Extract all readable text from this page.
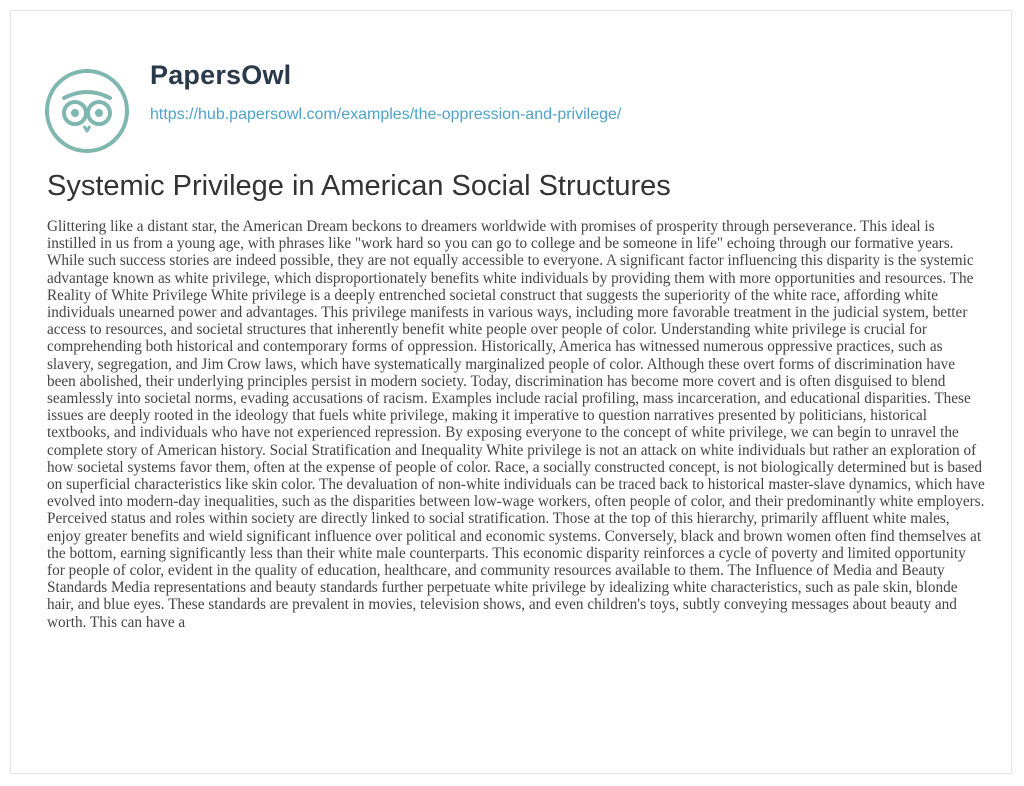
PapersOwl
https://hub.papersowl.com/examples/the-oppression-and-privilege/
Systemic Privilege in American Social Structures

Glittering like a distant star, the American Dream beckons to dreamers worldwide with promises of prosperity through perseverance. This ideal is instilled in us from a young age, with phrases like "work hard so you can go to college and be someone in life" echoing through our formative years. While such success stories are indeed possible, they are not equally accessible to everyone. A significant factor influencing this disparity is the systemic advantage known as white privilege, which disproportionately benefits white individuals by providing them with more opportunities and resources. The Reality of White Privilege White privilege is a deeply entrenched societal construct that suggests the superiority of the white race, affording white individuals unearned power and advantages. This privilege manifests in various ways, including more favorable treatment in the judicial system, better access to resources, and societal structures that inherently benefit white people over people of color. Understanding white privilege is crucial for comprehending both historical and contemporary forms of oppression. Historically, America has witnessed numerous oppressive practices, such as slavery, segregation, and Jim Crow laws, which have systematically marginalized people of color. Although these overt forms of discrimination have been abolished, their underlying principles persist in modern society. Today, discrimination has become more covert and is often disguised to blend seamlessly into societal norms, evading accusations of racism. Examples include racial profiling, mass incarceration, and educational disparities. These issues are deeply rooted in the ideology that fuels white privilege, making it imperative to question narratives presented by politicians, historical textbooks, and individuals who have not experienced repression. By exposing everyone to the concept of white privilege, we can begin to unravel the complete story of American history. Social Stratification and Inequality White privilege is not an attack on white individuals but rather an exploration of how societal systems favor them, often at the expense of people of color. Race, a socially constructed concept, is not biologically determined but is based on superficial characteristics like skin color. The devaluation of non-white individuals can be traced back to historical master-slave dynamics, which have evolved into modern-day inequalities, such as the disparities between low-wage workers, often people of color, and their predominantly white employers. Perceived status and roles within society are directly linked to social stratification. Those at the top of this hierarchy, primarily affluent white males, enjoy greater benefits and wield significant influence over political and economic systems. Conversely, black and brown women often find themselves at the bottom, earning significantly less than their white male counterparts. This economic disparity reinforces a cycle of poverty and limited opportunity for people of color, evident in the quality of education, healthcare, and community resources available to them. The Influence of Media and Beauty Standards Media representations and beauty standards further perpetuate white privilege by idealizing white characteristics, such as pale skin, blonde hair, and blue eyes. These standards are prevalent in movies, television shows, and even children's toys, subtly conveying messages about beauty and worth. This can have a
